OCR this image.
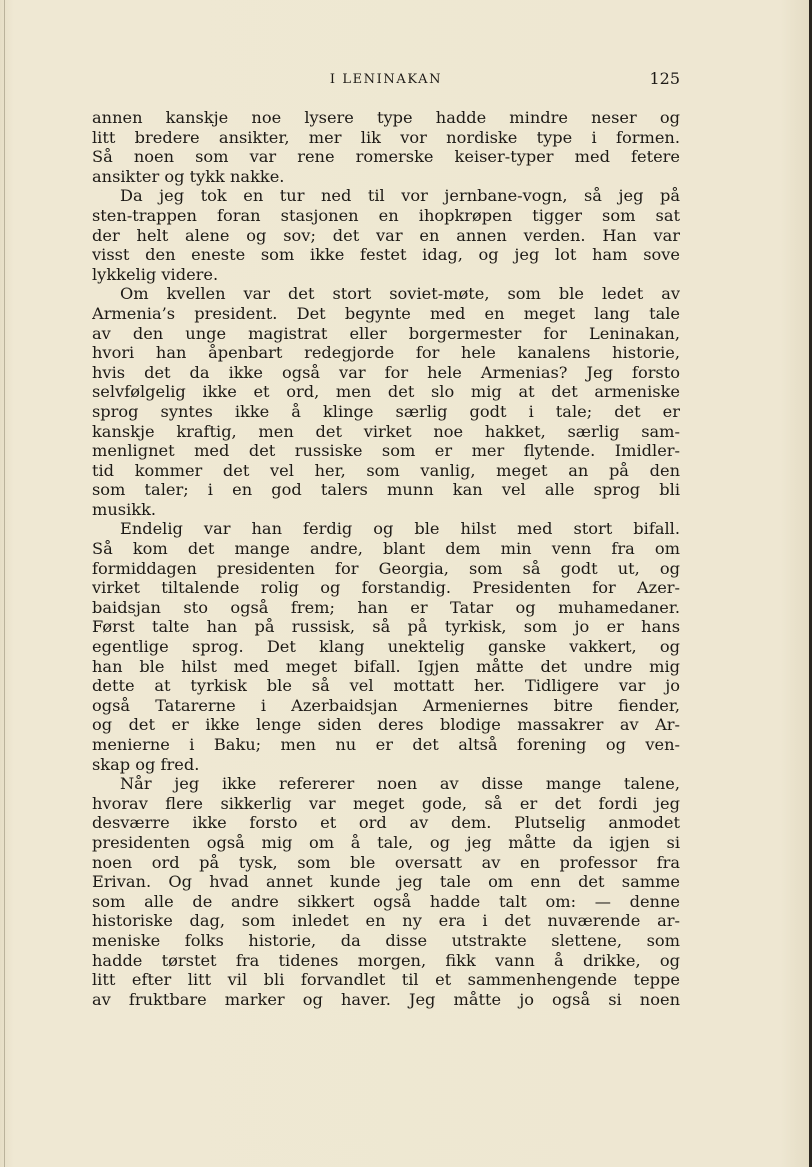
I LENINAKAN	125
annen kanskje noe lysere type hadde mindre neser og
litt bredere ansikter, mer lik vor nordiske type i formen.
Så noen som var rene romerske keiser-typer med fetere
ansikter og tykk nakke.
Da jeg tok en tur ned til vor jernbane-vogn, så jeg på
sten-trappen foran stasjonen en ihopkrøpen tigger som sat
der helt alene og sov; det var en annen verden. Han var
visst den eneste som ikke festet idag, og jeg lot ham sove
lykkelig videre.
Om kvellen var det stort soviet-møte, som ble ledet av
Armenia’s president. Det begynte med en meget lang tale
av den unge magistrat eller borgermester for Leninakan,
hvori han åpenbart redegjorde for hele kanalens historie,
hvis det da ikke også var for hele Armenias? Jeg forsto
selvfølgelig ikke et ord, men det slo mig at det armeniske
sprog syntes ikke å klinge særlig godt i tale; det er
kanskje kraftig, men det virket noe hakket, særlig sam-
menlignet med det russiske som er mer flytende. Imidler-
tid kommer det vel her, som vanlig, meget an på den
som taler; i en god talers munn kan vel alle sprog bli
musikk.
Endelig var han ferdig og ble hilst med stort bifall.
Så kom det mange andre, blant dem min venn fra om
formiddagen presidenten for Georgia, som så godt ut, og
virket tiltalende rolig og forstandig. Presidenten for Azer-
baidsjan sto også frem; han er Tatar og muhamedaner.
Først talte han på russisk, så på tyrkisk, som jo er hans
egentlige sprog. Det klang unektelig ganske vakkert, og
han ble hilst med meget bifall. Igjen måtte det undre mig
dette at tyrkisk ble så vel mottatt her. Tidligere var jo
også Tatarerne i Azerbaidsjan Armeniernes bitre fiender,
og det er ikke lenge siden deres blodige massakrer av Ar-
menierne i Baku; men nu er det altså forening og ven-
skap og fred.
Når jeg ikke refererer noen av disse mange talene,
hvorav flere sikkerlig var meget gode, så er det fordi jeg
desværre ikke forsto et ord av dem. Plutselig anmodet
presidenten også mig om å tale, og jeg måtte da igjen si
noen ord på tysk, som ble oversatt av en professor fra
Erivan. Og hvad annet kunde jeg tale om enn det samme
som alle de andre sikkert også hadde talt om: — denne
historiske dag, som inledet en ny era i det nuværende ar-
meniske folks historie, da disse utstrakte slettene, som
hadde tørstet fra tidenes morgen, fikk vann å drikke, og
litt efter litt vil bli forvandlet til et sammenhengende teppe
av fruktbare marker og haver. Jeg måtte jo også si noen
